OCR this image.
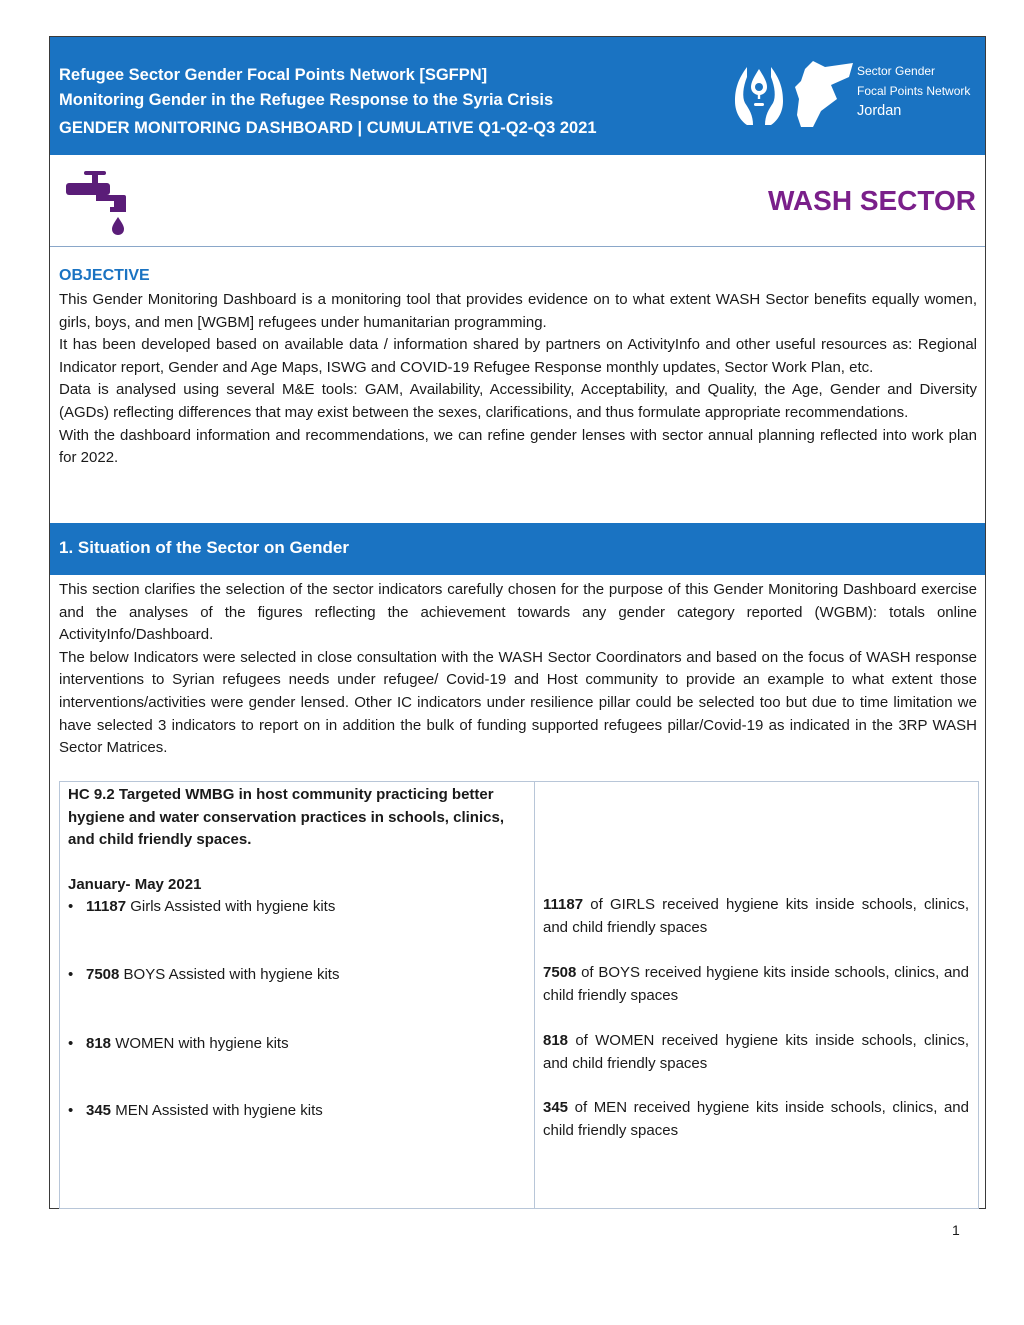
Refugee Sector Gender Focal Points Network [SGFPN]
Monitoring Gender in the Refugee Response to the Syria Crisis
GENDER MONITORING DASHBOARD | CUMULATIVE Q1-Q2-Q3 2021
Sector Gender
Focal Points Network
Jordan
WASH SECTOR
OBJECTIVE

This Gender Monitoring Dashboard is a monitoring tool that provides evidence on to what extent WASH Sector benefits equally women, girls, boys, and men [WGBM] refugees under humanitarian programming.

It has been developed based on available data / information shared by partners on ActivityInfo and other useful resources as: Regional Indicator report, Gender and Age Maps, ISWG and COVID-19 Refugee Response monthly updates, Sector Work Plan, etc.

Data is analysed using several M&E tools: GAM, Availability, Accessibility, Acceptability, and Quality, the Age, Gender and Diversity (AGDs) reflecting differences that may exist between the sexes, clarifications, and thus formulate appropriate recommendations.

With the dashboard information and recommendations, we can refine gender lenses with sector annual planning reflected into work plan for 2022.

1. Situation of the Sector on Gender

This section clarifies the selection of the sector indicators carefully chosen for the purpose of this Gender Monitoring Dashboard exercise and the analyses of the figures reflecting the achievement towards any gender category reported (WGBM): totals online ActivityInfo/Dashboard.

The below Indicators were selected in close consultation with the WASH Sector Coordinators and based on the focus of WASH response interventions to Syrian refugees needs under refugee/ Covid-19 and Host community to provide an example to what extent those interventions/activities were gender lensed. Other IC indicators under resilience pillar could be selected too but due to time limitation we have selected 3 indicators to report on in addition the bulk of funding supported refugees pillar/Covid-19 as indicated in the 3RP WASH Sector Matrices.

HC 9.2 Targeted WMBG in host community practicing better hygiene and water conservation practices in schools, clinics, and child friendly spaces.

January- May 2021
• 11187 Girls Assisted with hygiene kits	11187 of GIRLS received hygiene kits inside schools, clinics, and child friendly spaces

• 7508 BOYS Assisted with hygiene kits	7508 of BOYS received hygiene kits inside schools, clinics, and child friendly spaces

• 818 WOMEN with hygiene kits	818 of WOMEN received hygiene kits inside schools, clinics, and child friendly spaces

• 345 MEN Assisted with hygiene kits	345 of MEN received hygiene kits inside schools, clinics, and child friendly spaces

1
